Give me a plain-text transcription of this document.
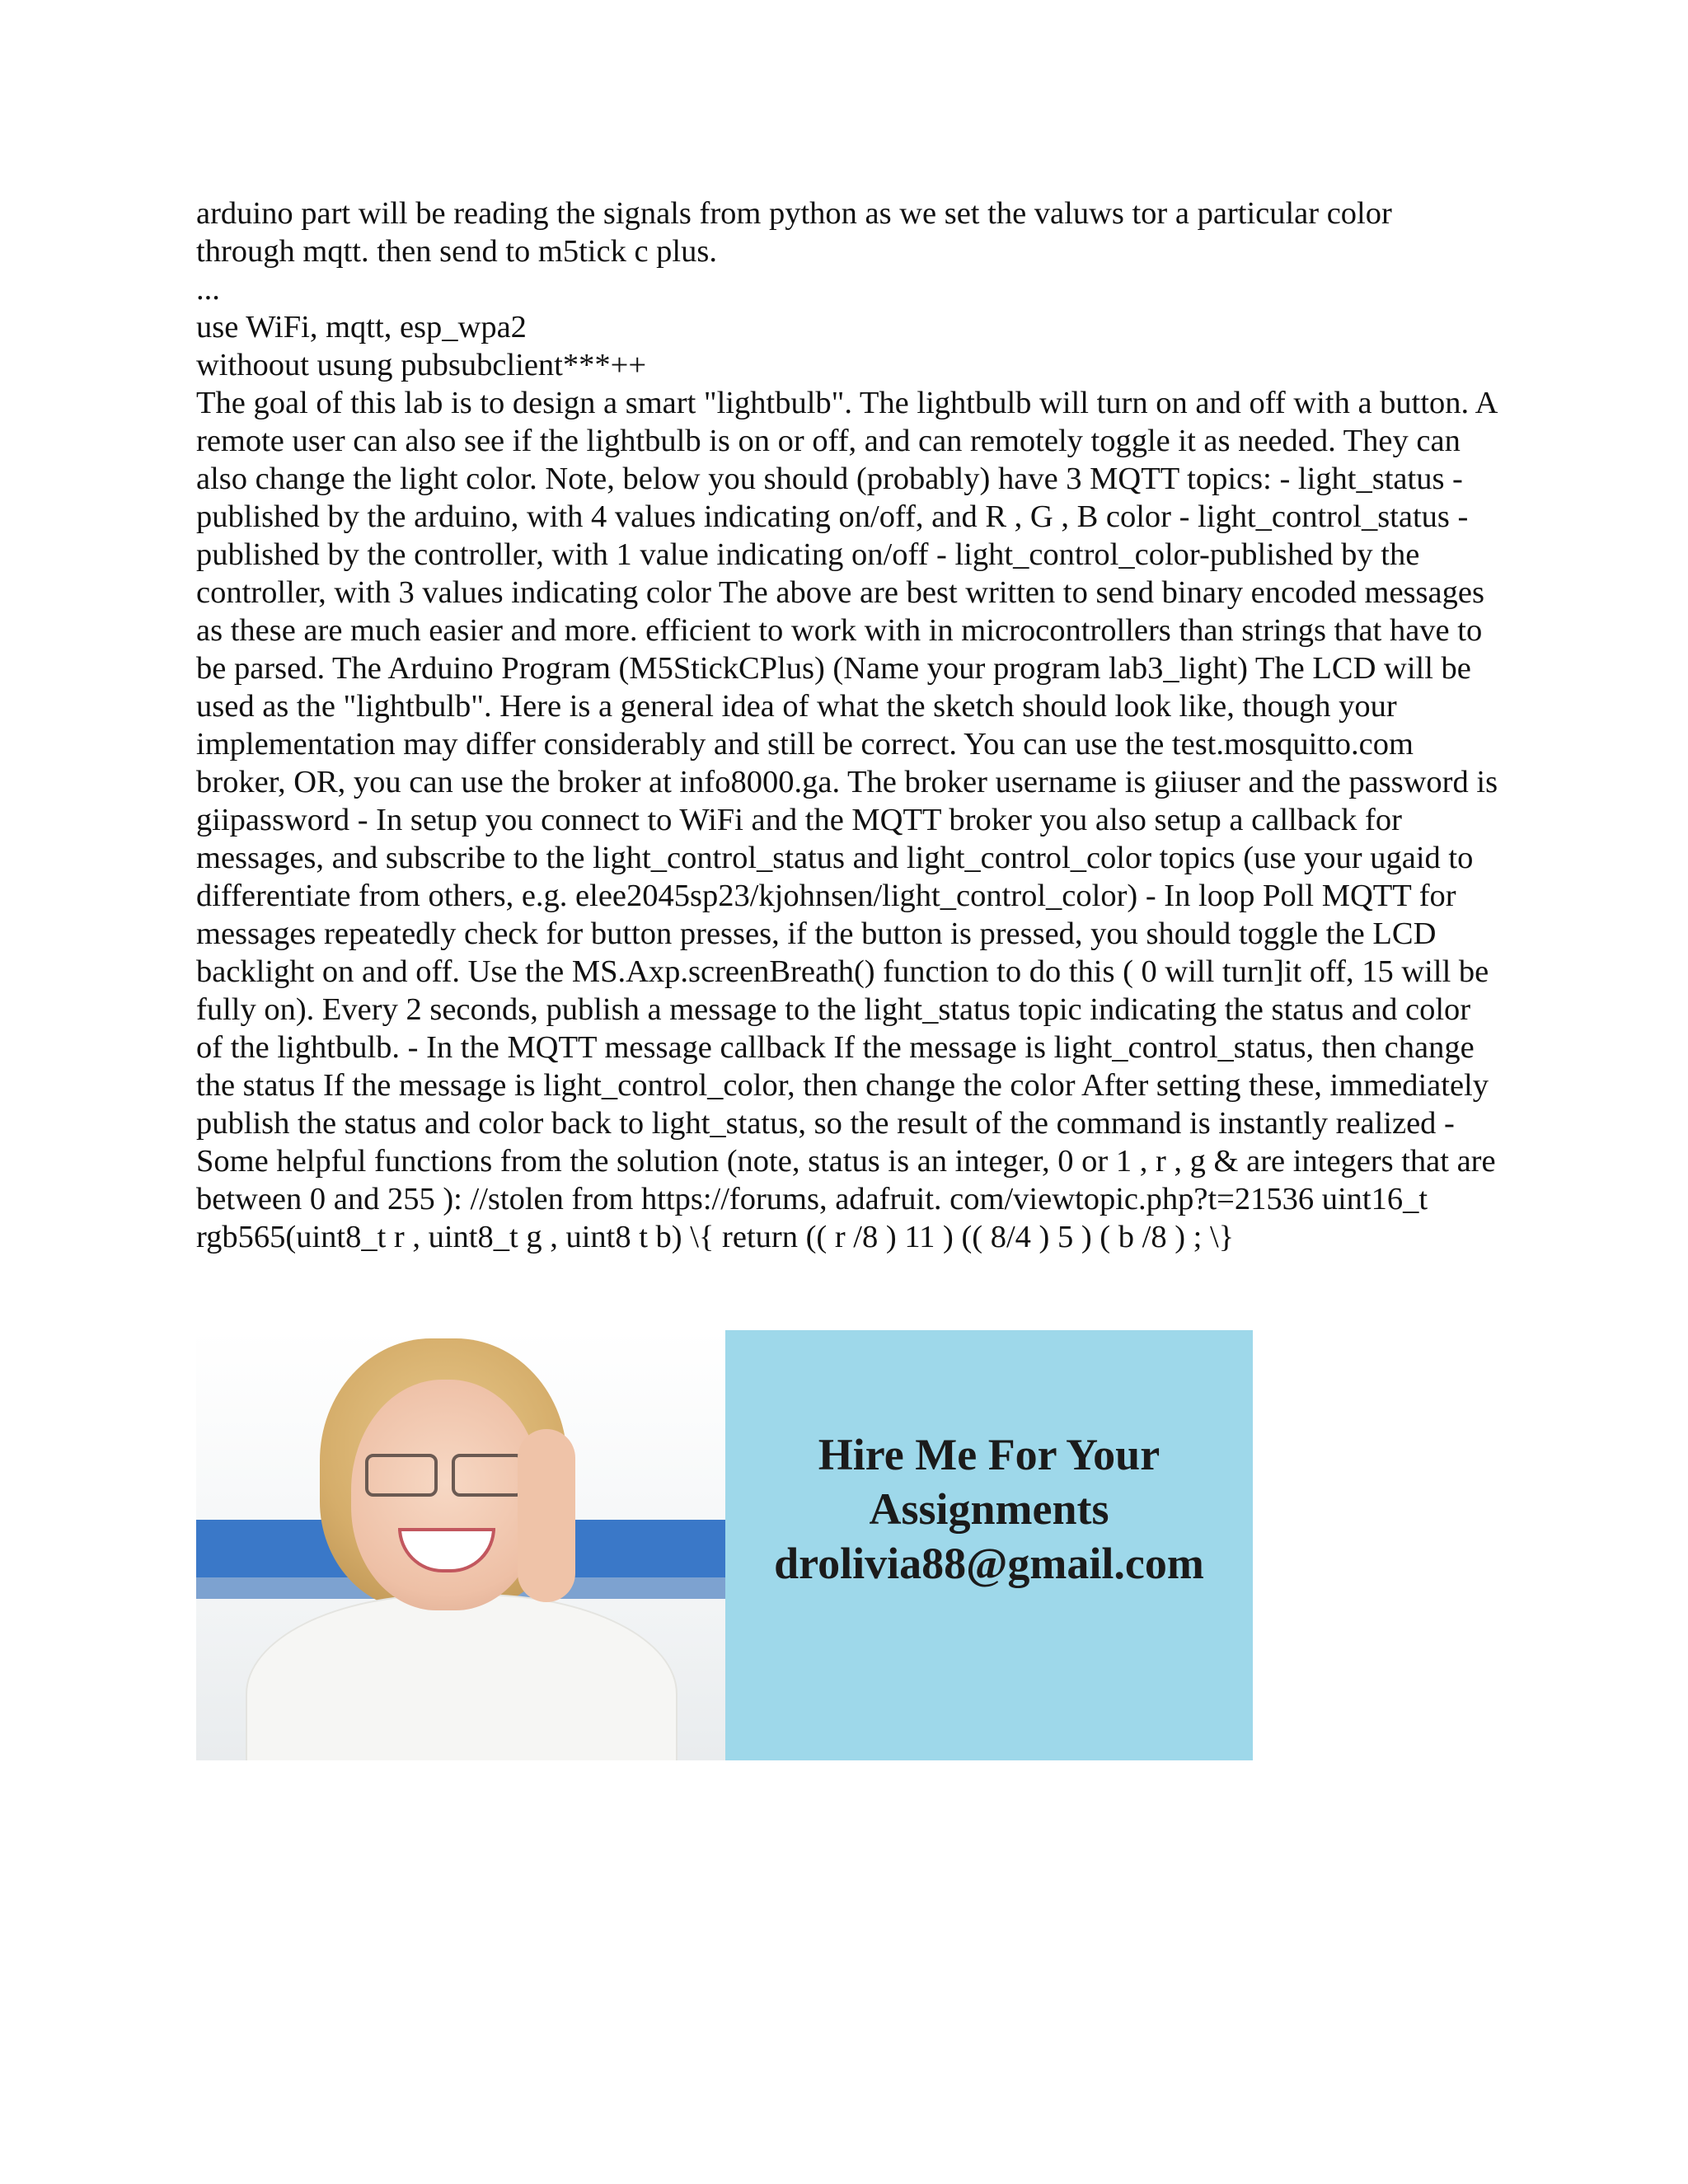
arduino part will be reading the signals from python as we set the valuws tor a particular color through mqtt. then send to m5tick c plus.

...

use WiFi, mqtt, esp_wpa2

withoout usung pubsubclient***++

The goal of this lab is to design a smart "lightbulb". The lightbulb will turn on and off with a button. A remote user can also see if the lightbulb is on or off, and can remotely toggle it as needed. They can also change the light color. Note, below you should (probably) have 3 MQTT topics: - light_status - published by the arduino, with 4 values indicating on/off, and R , G , B color - light_control_status - published by the controller, with 1 value indicating on/off - light_control_color-published by the controller, with 3 values indicating color The above are best written to send binary encoded messages as these are much easier and more. efficient to work with in microcontrollers than strings that have to be parsed. The Arduino Program (M5StickCPlus) (Name your program lab3_light) The LCD will be used as the "lightbulb". Here is a general idea of what the sketch should look like, though your implementation may differ considerably and still be correct. You can use the test.mosquitto.com broker, OR, you can use the broker at info8000.ga. The broker username is giiuser and the password is giipassword - In setup you connect to WiFi and the MQTT broker you also setup a callback for messages, and subscribe to the light_control_status and light_control_color topics (use your ugaid to differentiate from others, e.g. elee2045sp23/kjohnsen/light_control_color) - In loop Poll MQTT for messages repeatedly check for button presses, if the button is pressed, you should toggle the LCD backlight on and off. Use the MS.Axp.screenBreath() function to do this ( 0 will turn]it off, 15 will be fully on). Every 2 seconds, publish a message to the light_status topic indicating the status and color of the lightbulb. - In the MQTT message callback If the message is light_control_status, then change the status If the message is light_control_color, then change the color After setting these, immediately publish the status and color back to light_status, so the result of the command is instantly realized - Some helpful functions from the solution (note, status is an integer, 0 or 1 , r , g & are integers that are between 0 and 255 ): //stolen from https://forums, adafruit. com/viewtopic.php?t=21536 uint16_t rgb565(uint8_t r , uint8_t g , uint8 t b) \{ return (( r /8 ) 11 ) (( 8/4 ) 5 ) ( b /8 ) ; \}

Hire Me For Your
Assignments
drolivia88@gmail.com
